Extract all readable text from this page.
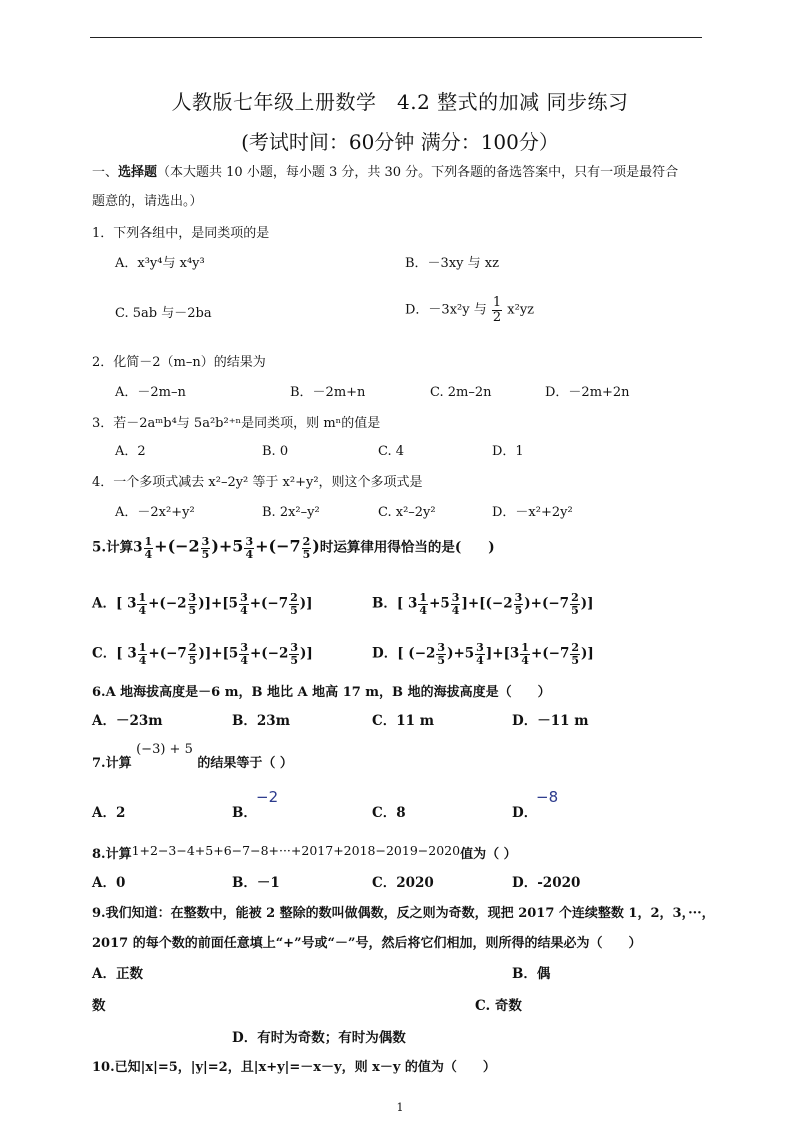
人教版七年级上册数学　4.2 整式的加减 同步练习
(考试时间：60分钟 满分：100分）
一、选择题（本大题共 10 小题，每小题 3 分，共 30 分。下列各题的备选答案中，只有一项是最符合
题意的，请选出。）
1．下列各组中，是同类项的是
A．x³y⁴与 x⁴y³	B．－3xy 与 xz
C. 5ab 与－2ba	D．－3x²y 与 $\frac{1}{2} x^2yz$
2．化简－2（m–n）的结果为
A．－2m–n	B．－2m+n	C. 2m–2n	D．－2m+2n
3．若－2aᵐb⁴与 5a²b²⁺ⁿ是同类项，则 mⁿ的值是
A．2	B. 0	C. 4	D．1
4．一个多项式减去 x²–2y² 等于 x²+y²，则这个多项式是
A．－2x²+y²	B. 2x²–y²	C. x²–2y²	D．－x²+2y²
5.计算$3 \frac{1}{4} +(-2 \frac{3}{5} )+5 \frac{3}{4} +(-7 \frac{2}{5}$ )时运算律用得恰当的是(　　)
A．[ $3 \frac{1}{4} +(-2 \frac{3}{5} )]+[5 \frac{3}{4} +(-7 \frac{2}{5}$ )]	B．[ $3 \frac{1}{4} +5 \frac{3}{4} ]+[(-2 \frac{3}{5} )+(-7 \frac{2}{5}$ )]
C．[ $3 \frac{1}{4} +(-7 \frac{2}{5} )]+[5 \frac{3}{4} +(-2 \frac{3}{5}$ )]	D．[ $(-2 \frac{3}{5} )+5 \frac{3}{4} ]+[3 \frac{1}{4} +(-7 \frac{2}{5}$ )]
6.A 地海拔高度是－6 m，B 地比 A 地高 17 m，B 地的海拔高度是（　　）
A．－23m	B．23m	C．11 m	D．－11 m
7.计算 (−3) + 5 的结果等于（ ）
A．2	B．
−2
C．8	D．
−8
8.计算1+2−3−4+5+6−7−8+···+2017+2018−2019−2020值为（ ）
A．0	B．－1	C．2020	D．-2020
9.我们知道：在整数中，能被 2 整除的数叫做偶数，反之则为奇数，现把 2017 个连续整数 1，2，3，···，
2017 的每个数的前面任意填上“+”号或“－”号，然后将它们相加，则所得的结果必为（　　）
A．正数	B．偶
数	C. 奇数
D．有时为奇数；有时为偶数
10.已知|x|=5，|y|=2，且|x+y|=－x－y，则 x－y 的值为（　　）
1
